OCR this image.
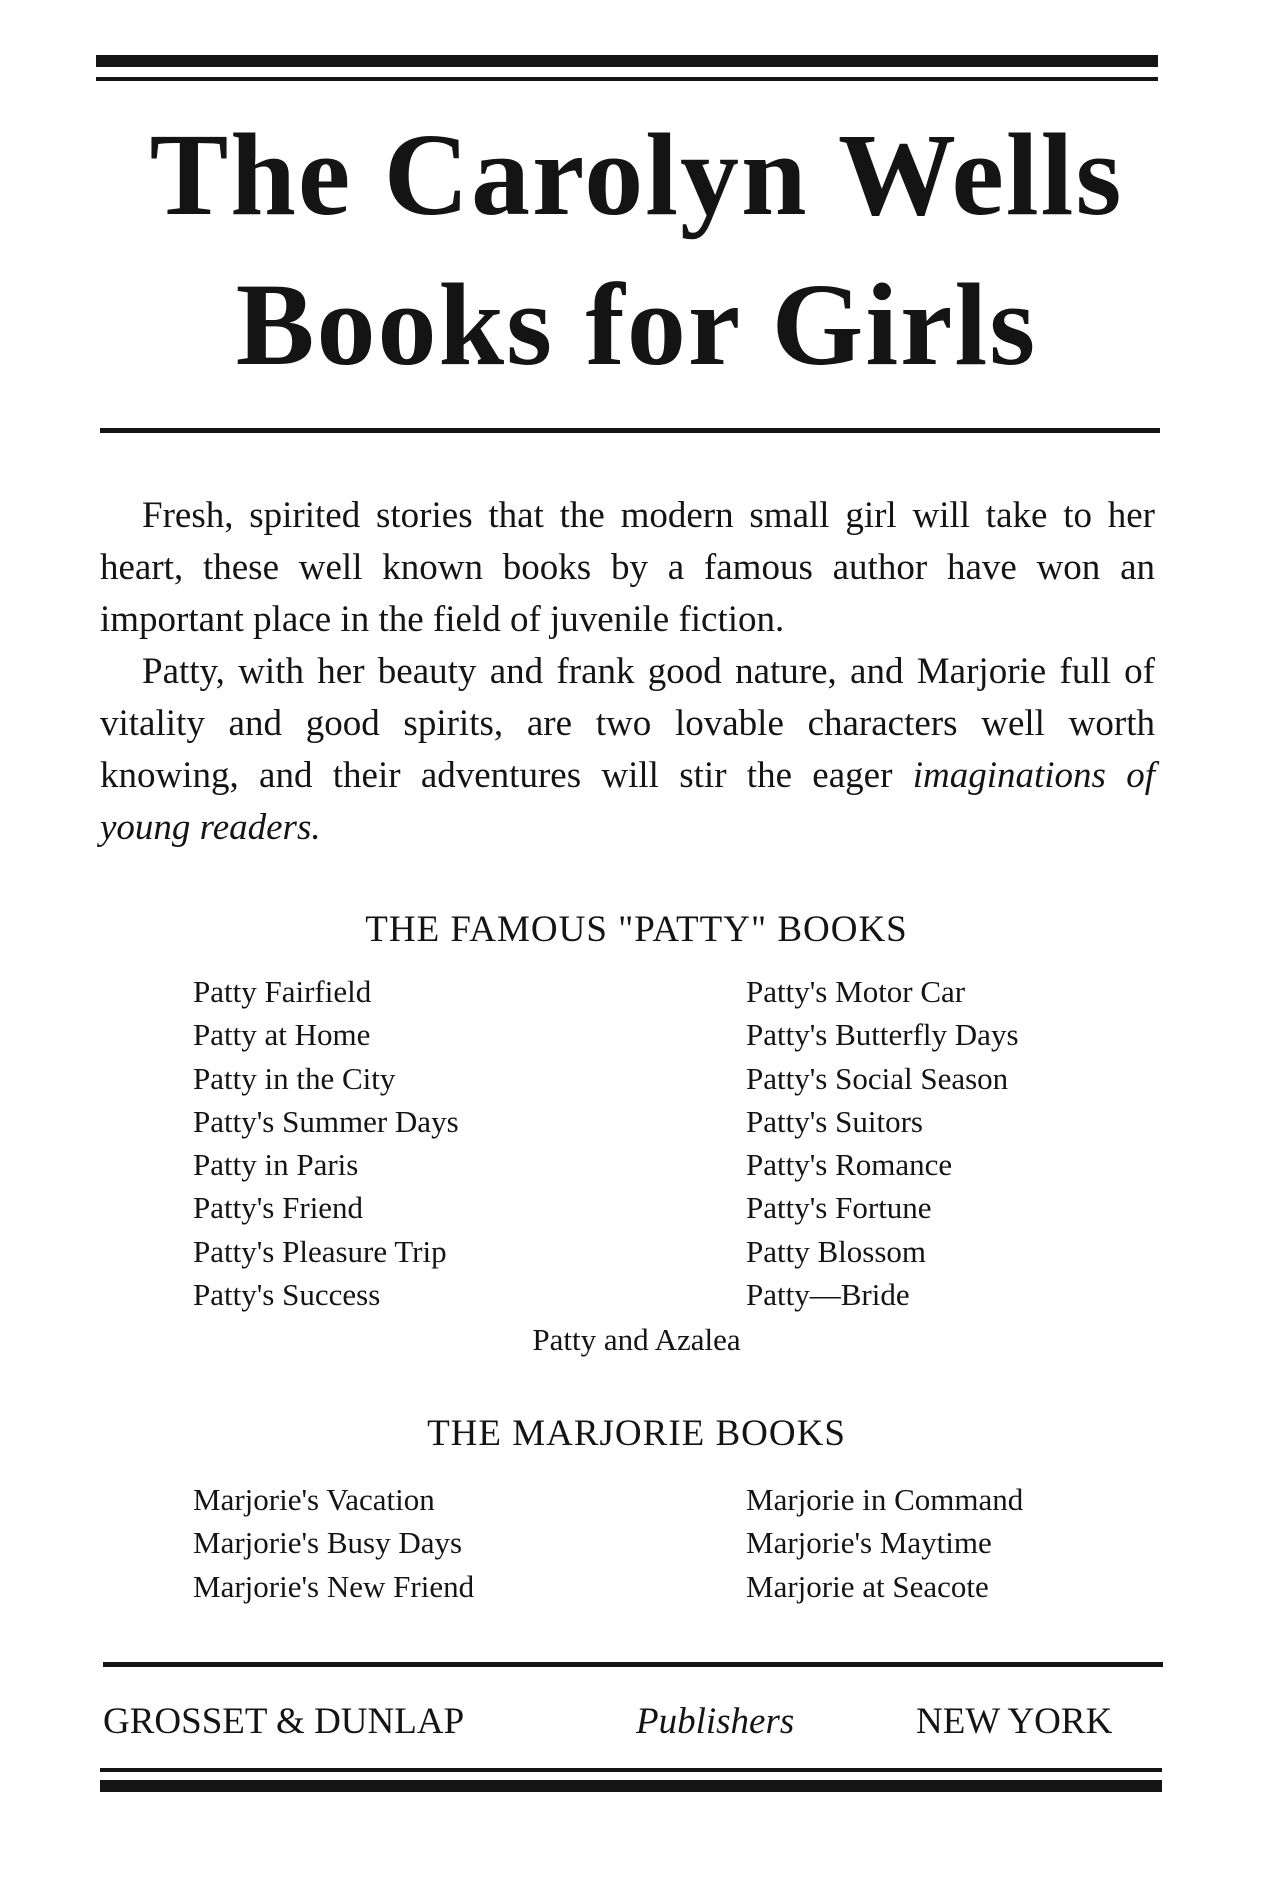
The Carolyn Wells
Books for Girls

Fresh, spirited stories that the modern small girl will take to her heart, these well known books by a famous author have won an important place in the field of juvenile fiction.

Patty, with her beauty and frank good nature, and Marjorie full of vitality and good spirits, are two lovable characters well worth knowing, and their adventures will stir the eager imaginations of young readers.

THE FAMOUS "PATTY" BOOKS
Patty Fairfield
Patty at Home
Patty in the City
Patty's Summer Days
Patty in Paris
Patty's Friend
Patty's Pleasure Trip
Patty's Success
Patty's Motor Car
Patty's Butterfly Days
Patty's Social Season
Patty's Suitors
Patty's Romance
Patty's Fortune
Patty Blossom
Patty—Bride

Patty and Azalea

THE MARJORIE BOOKS
Marjorie's Vacation
Marjorie's Busy Days
Marjorie's New Friend
Marjorie in Command
Marjorie's Maytime
Marjorie at Seacote

GROSSET & DUNLAP	Publishers	NEW YORK
